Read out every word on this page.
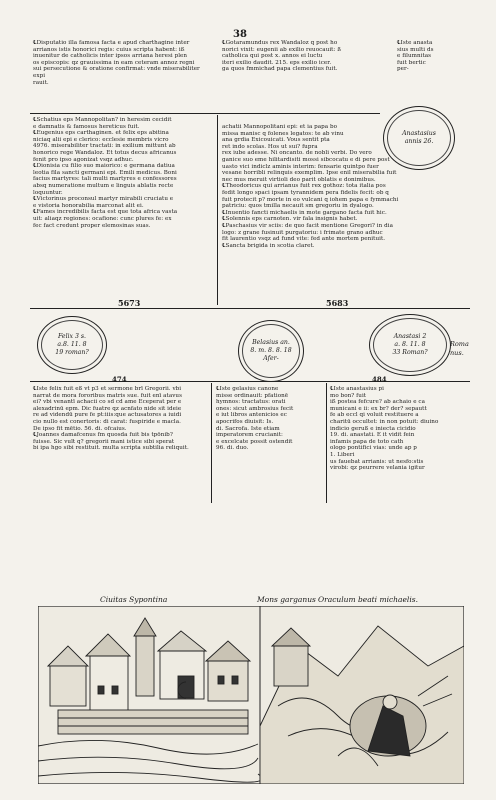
38
℄Disputatio illa famosa facta e apud charthagine inter
arrianos istis honorici regis: cuius scripta habent: iß
inuenitur de catholicis inter ipsos arriana heresi plen
os episcopis: qz grauissima in eam ceteram annoz regni
sui persecutione & oratione confirmat: vnde miserabiliter expi
rauit.
℄Gotaramundus rex Wandaloz q post ho
norici vixit: eugenii ab exilio reuocauit: ß
catholica qui post x. annos ei luctu
iteri exilio daudit. 215. eps exilio icer.
ga quos fmmichad papa clementius fuit.
℄Iste anasta
sius multi ds
e filumnitas
fuit bertic
per-
Anastasius
annis 26.
℄Schatius eps Mannopolitan? in heresim cecidit
e damnatis & famosus hereticus fuit.
℄Eugenius eps carthaginen. et felix eps abitina
niciaq alii epi e clerico: ecclesie membris vicro
4976. miserabiliter tractati: in exilium mittunt ab
honorico rege Wandaloz. Et totus decus africanus
fenit pro ipso agonizat vsqz adhuc.
℄Dionisia cu filio suo maiorico: e germana datiua
leotia fila sancti germani epi. Emili medicus. Boni
facius martyres: tali multi martyres e confessores
absq numeratione multum e linguis ablatis recte
loquuntur.
℄Victorinus proconsul martyr mirabili cruciatu e
e vistoria honorabilia marconat alit ei.
℄Fames incredibilis facta est que tota africa vasta
uit: aliaqz regiones: ocafione: cunc plures fe: ex
fec fact credunt proper elemosinas suas.
achatii Mannopolitani epi: et ia papa bo
missa manisc q folenes legatos: te ab vinu
ana grdia Exicouicati. Vous sentit pta
ret indo scolas. Hos ut sui? fupra
rex iube adesse. Ni oncanto. de nobli verbi. Do vero
ganice suo eme hilitardisiti mossi sibcocatu e di pere post
uasto vici indiclz aminis interim: fensarie quintpo fuer
vesane horribli relinquis exemplim. Ipse enil miserabilia fuit
nec mus meruit virtioli deo parit oblatis e donimibus.
℄Theodoricus qui arrianus fuit rex gothoz: tota italia pos
fedit longo spaci ipsam tyrannidem pera fidelis fecit: ob q
fuit protecit p? morte in eo vulcani q iohem papa e fymmachi
patriciu: quos tmilla necauit sm gregoriu in dyalogo.
℄Inuentio fancti michaelis in mote gargano facta fuit hic.
℄Solennis eps carnoten. vir fala insignis habet.
℄Paschasius vir sciis: de quo facit mentione Gregori? in dia
logo: z grane fusinuit purgatoriu: i frimate grano adhuc
fit laurentio vsqz ad fund vite: fed ante mortem penituit.
℄Sancta brigida in scotia claret.
5673	5683
Felix 3 s.
a.8. 11. 8
19 roman?
Belasius an.
8. m. 8. 8. 18
Afer-
Anastasi 2
a. 8. 11. 8
33 Roman?
Roma
nus.
474	484
℄Iste felix fuit eß vt p3 et sermone brī Gregorii. vbi
narrat de mora fororibus matris sue. fuit enī atavus
ei? vbi venantī achacii co sd cd ame Eceperat per e
alexadrinū epm. Dic fuatre qz acnfato nide sit ideie
re ad videndū pure fe pt:iiis:que actusatores a iuidi
cio nullo est conertoris: di carat: fuspiride e macla.
De ipso fit mētio. 56. di. ofcaius.
℄Joannes damafcenus fm quosda fuit bis tpōnib?
fuisse. Sic vult q? gregorii mani istice sibi sperat
bi ipa hgo sibi restituit. multa scripta subtilia reliquit.
℄Iste gelasius canone
misse ordinauit: pfationē
hymnos: tractatus: orati
ones: sicut ambrosius fecit
e iut libros antenicios ec
apocrifos diuisit: Is.
di. Sacrofa. Iste etiam
imperatorem crucianit:
e excelcate possit ostendit
96. di. duo.
℄Iste anastasius pi
mo bon? fuit
iß postea fefcure? ab achaio e ca
municani e ii: ex br? der? sepautt
fe ab eccl qi voluit restituere a
charitū occultet: in non potuit: diuino
indicio geruß e iniecta cicidio
19. di. anastati. E it vidit fein
infamis papa de toto cath
ologo pontifici vias: unde ap p
1. Liberi
us fauebat arrianis: ut nesfo:stis
virobi: qz peurrere velania igitur
Ciuitas Sypontina	Mons garganus Oraculum beati michaelis.
